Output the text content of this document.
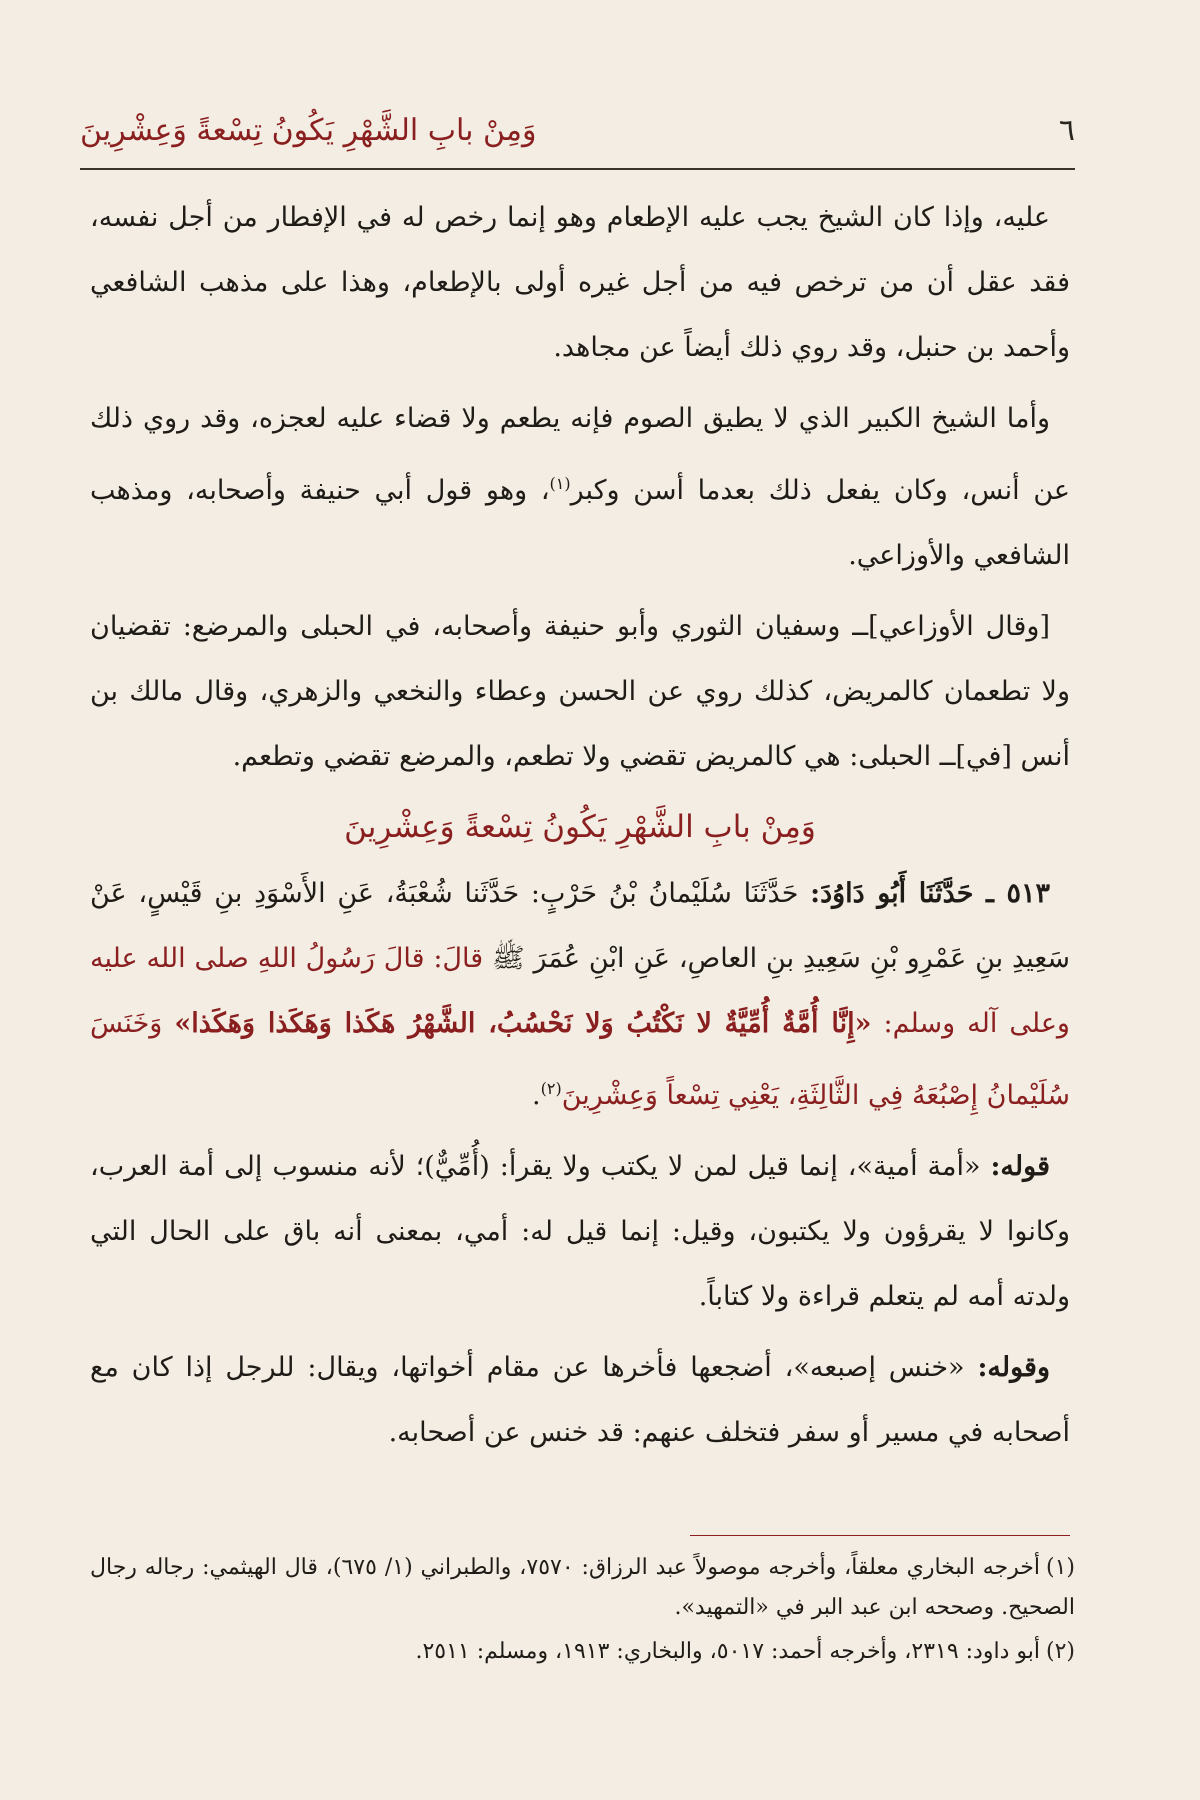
٦
وَمِنْ بابِ الشَّهْرِ يَكُونُ تِسْعةً وَعِشْرِينَ

عليه، وإذا كان الشيخ يجب عليه الإطعام وهو إنما رخص له في الإفطار من أجل نفسه، فقد عقل أن من ترخص فيه من أجل غيره أولى بالإطعام، وهذا على مذهب الشافعي وأحمد بن حنبل، وقد روي ذلك أيضاً عن مجاهد.

وأما الشيخ الكبير الذي لا يطيق الصوم فإنه يطعم ولا قضاء عليه لعجزه، وقد روي ذلك عن أنس، وكان يفعل ذلك بعدما أسن وكبر$^{(١)}$، وهو قول أبي حنيفة وأصحابه، ومذهب الشافعي والأوزاعي.

[وقال الأوزاعي]ــ وسفيان الثوري وأبو حنيفة وأصحابه، في الحبلى والمرضع: تقضيان ولا تطعمان كالمريض، كذلك روي عن الحسن وعطاء والنخعي والزهري، وقال مالك بن أنس [في]ــ الحبلى: هي كالمريض تقضي ولا تطعم، والمرضع تقضي وتطعم.

وَمِنْ بابِ الشَّهْرِ يَكُونُ تِسْعةً وَعِشْرِينَ

٥١٣ ـ حَدَّثَنَا أَبُو دَاوُدَ: حَدَّثَنَا سُلَيْمانُ بْنُ حَرْبٍ: حَدَّثَنا شُعْبَةُ، عَنِ الأَسْوَدِ بنِ قَيْسٍ، عَنْ سَعِيدِ بنِ عَمْرِو بْنِ سَعِيدِ بنِ العاصِ، عَنِ ابْنِ عُمَرَ ﷺ قالَ: قالَ رَسُولُ اللهِ صلى الله عليه وعلى آله وسلم: «إِنَّا أُمَّةٌ أُمِّيَّةٌ لا نَكْتُبُ وَلا نَحْسُبُ، الشَّهْرُ هَكَذا وَهَكَذا وَهَكَذا» وَخَنَسَ سُلَيْمانُ إِصْبُعَهُ فِي الثَّالِثَةِ، يَعْنِي تِسْعاً وَعِشْرِينَ$^{(٢)}$.

قوله: «أمة أمية»، إنما قيل لمن لا يكتب ولا يقرأ: (أُمِّيٌّ)؛ لأنه منسوب إلى أمة العرب، وكانوا لا يقرؤون ولا يكتبون، وقيل: إنما قيل له: أمي، بمعنى أنه باق على الحال التي ولدته أمه لم يتعلم قراءة ولا كتاباً.

وقوله: «خنس إصبعه»، أضجعها فأخرها عن مقام أخواتها، ويقال: للرجل إذا كان مع أصحابه في مسير أو سفر فتخلف عنهم: قد خنس عن أصحابه.

(١)أخرجه البخاري معلقاً، وأخرجه موصولاً عبد الرزاق: ٧٥٧٠، والطبراني (١/ ٦٧٥)، قال الهيثمي: رجاله رجال الصحيح. وصححه ابن عبد البر في «التمهيد».

(٢)أبو داود: ٢٣١٩، وأخرجه أحمد: ٥٠١٧، والبخاري: ١٩١٣، ومسلم: ٢٥١١.
